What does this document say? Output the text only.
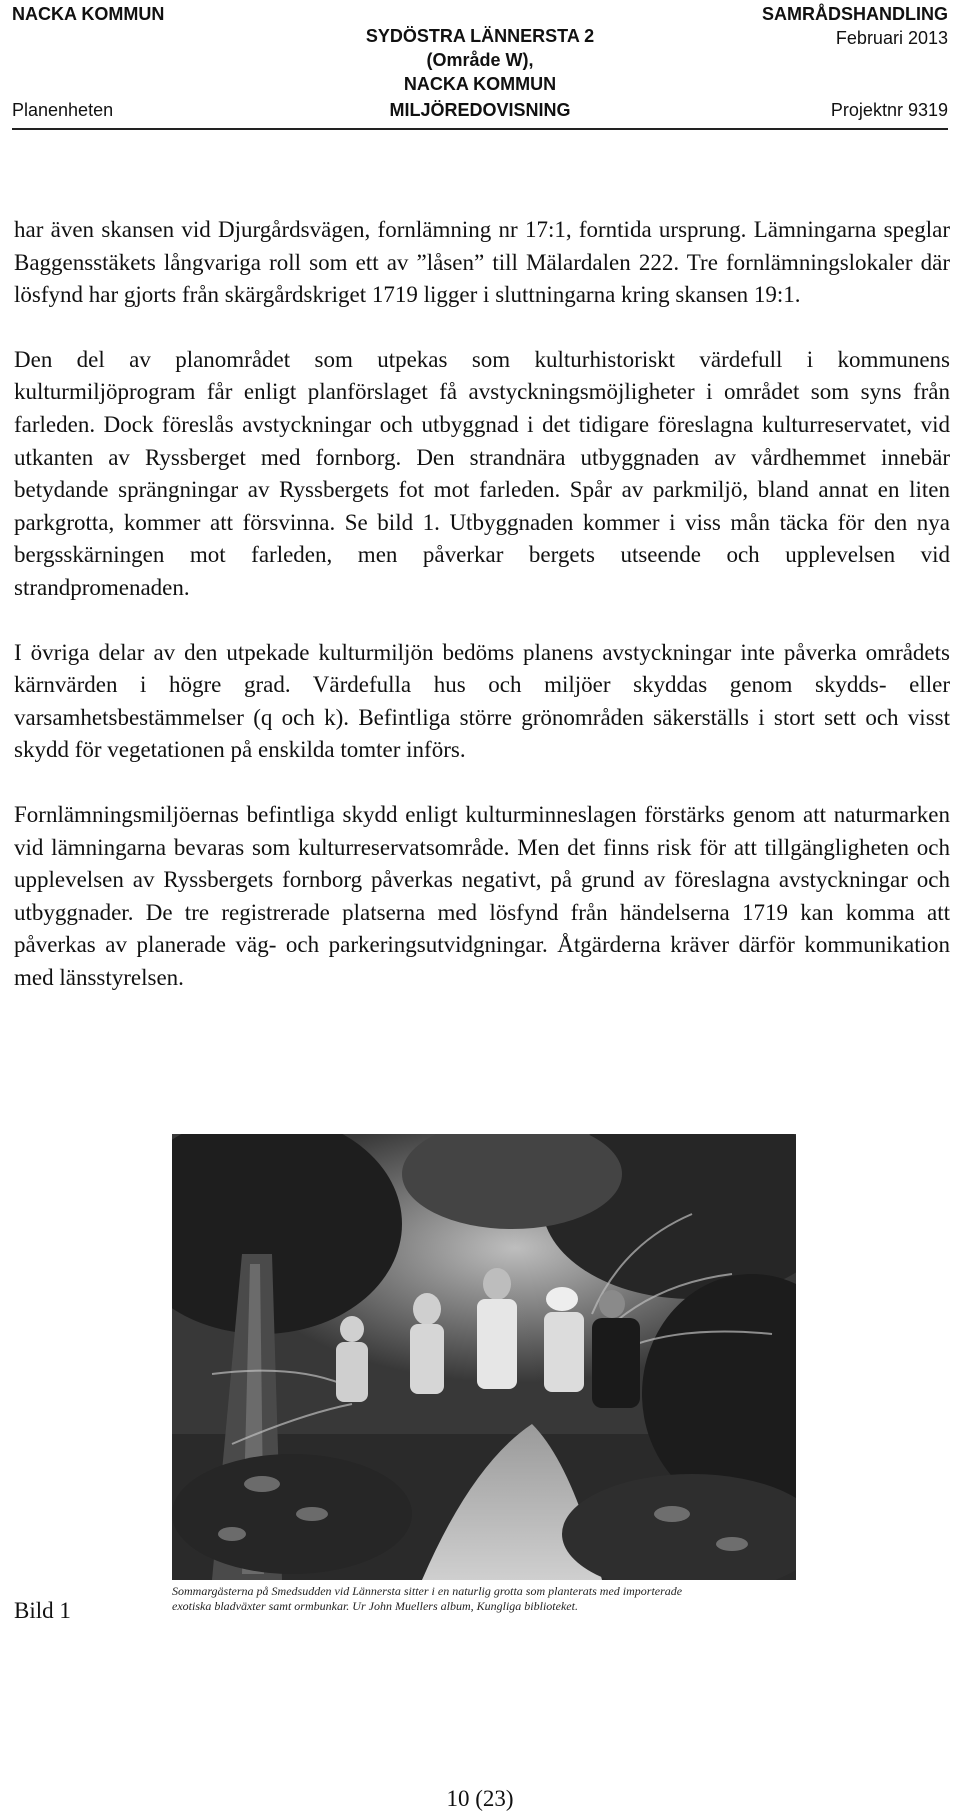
NACKA KOMMUN
Planenheten
SYDÖSTRA LÄNNERSTA 2
(Område W),
NACKA KOMMUN
MILJÖREDOVISNING
SAMRÅDSHANDLING
Februari 2013
Projektnr 9319

har även skansen vid Djurgårdsvägen, fornlämning nr 17:1, forntida ursprung. Lämningarna speglar Baggensstäkets långvariga roll som ett av ”låsen” till Mälardalen 222. Tre fornlämningslokaler där lösfynd har gjorts från skärgårdskriget 1719 ligger i sluttningarna kring skansen 19:1.

Den del av planområdet som utpekas som kulturhistoriskt värdefull i kommunens kulturmiljöprogram får enligt planförslaget få avstyckningsmöjligheter i området som syns från farleden. Dock föreslås avstyckningar och utbyggnad i det tidigare föreslagna kulturreservatet, vid utkanten av Ryssberget med fornborg. Den strandnära utbyggnaden av vårdhemmet innebär betydande sprängningar av Ryssbergets fot mot farleden. Spår av parkmiljö, bland annat en liten parkgrotta, kommer att försvinna. Se bild 1. Utbyggnaden kommer i viss mån täcka för den nya bergsskärningen mot farleden, men påverkar bergets utseende och upplevelsen vid strandpromenaden.

I övriga delar av den utpekade kulturmiljön bedöms planens avstyckningar inte påverka områdets kärnvärden i högre grad. Värdefulla hus och miljöer skyddas genom skydds- eller varsamhetsbestämmelser (q och k). Befintliga större grönområden säkerställs i stort sett och visst skydd för vegetationen på enskilda tomter införs.

Fornlämningsmiljöernas befintliga skydd enligt kulturminneslagen förstärks genom att naturmarken vid lämningarna bevaras som kulturreservatsområde. Men det finns risk för att tillgängligheten och upplevelsen av Ryssbergets fornborg påverkas negativt, på grund av föreslagna avstyckningar och utbyggnader. De tre registrerade platserna med lösfynd från händelserna 1719 kan komma att påverkas av planerade väg- och parkeringsutvidgningar. Åtgärderna kräver därför kommunikation med länsstyrelsen.

Sommargästerna på Smedsudden vid Lännersta sitter i en naturlig grotta som planterats med importerade
exotiska bladväxter samt ormbunkar. Ur John Muellers album, Kungliga biblioteket.
Bild 1
10 (23)
